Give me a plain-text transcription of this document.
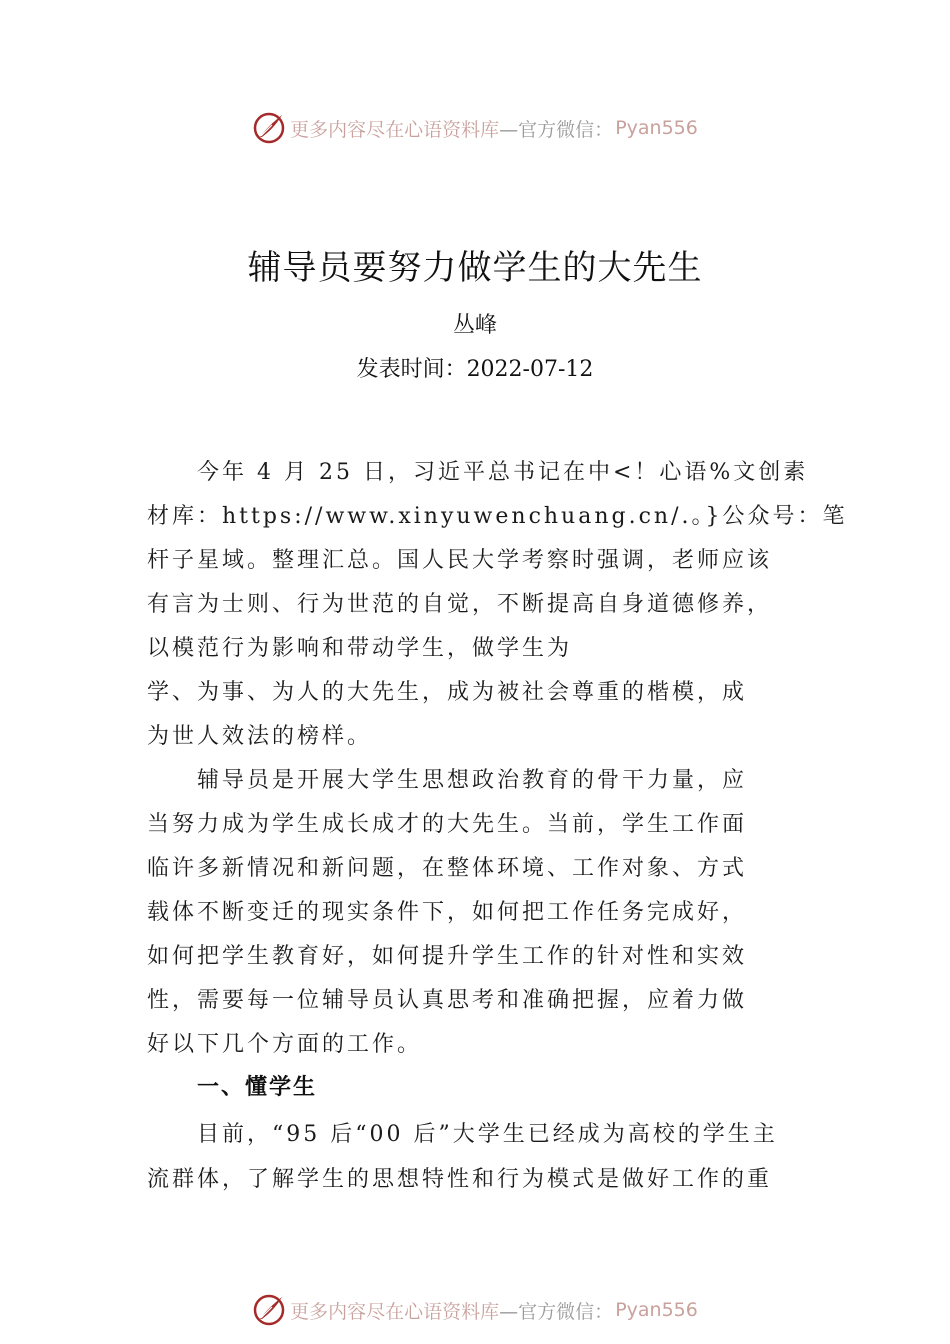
更多内容尽在心语资料库 —官方微信： Pyan556
辅导员要努力做学生的大先生
丛峰
发表时间：2022-07-12
今年 4 月 25 日，习近平总书记在中<！心语%文创素
材库：https://www.xinyuwenchuang.cn/.。}公众号：笔
杆子星域。整理汇总。国人民大学考察时强调，老师应该
有言为士则、行为世范的自觉，不断提高自身道德修养，
以模范行为影响和带动学生，做学生为
学、为事、为人的大先生，成为被社会尊重的楷模，成
为世人效法的榜样。
辅导员是开展大学生思想政治教育的骨干力量，应
当努力成为学生成长成才的大先生。当前，学生工作面
临许多新情况和新问题，在整体环境、工作对象、方式
载体不断变迁的现实条件下，如何把工作任务完成好，
如何把学生教育好，如何提升学生工作的针对性和实效
性，需要每一位辅导员认真思考和准确把握，应着力做
好以下几个方面的工作。
一、懂学生
目前，“95 后“00 后”大学生已经成为高校的学生主
流群体，了解学生的思想特性和行为模式是做好工作的重
更多内容尽在心语资料库 —官方微信： Pyan556
